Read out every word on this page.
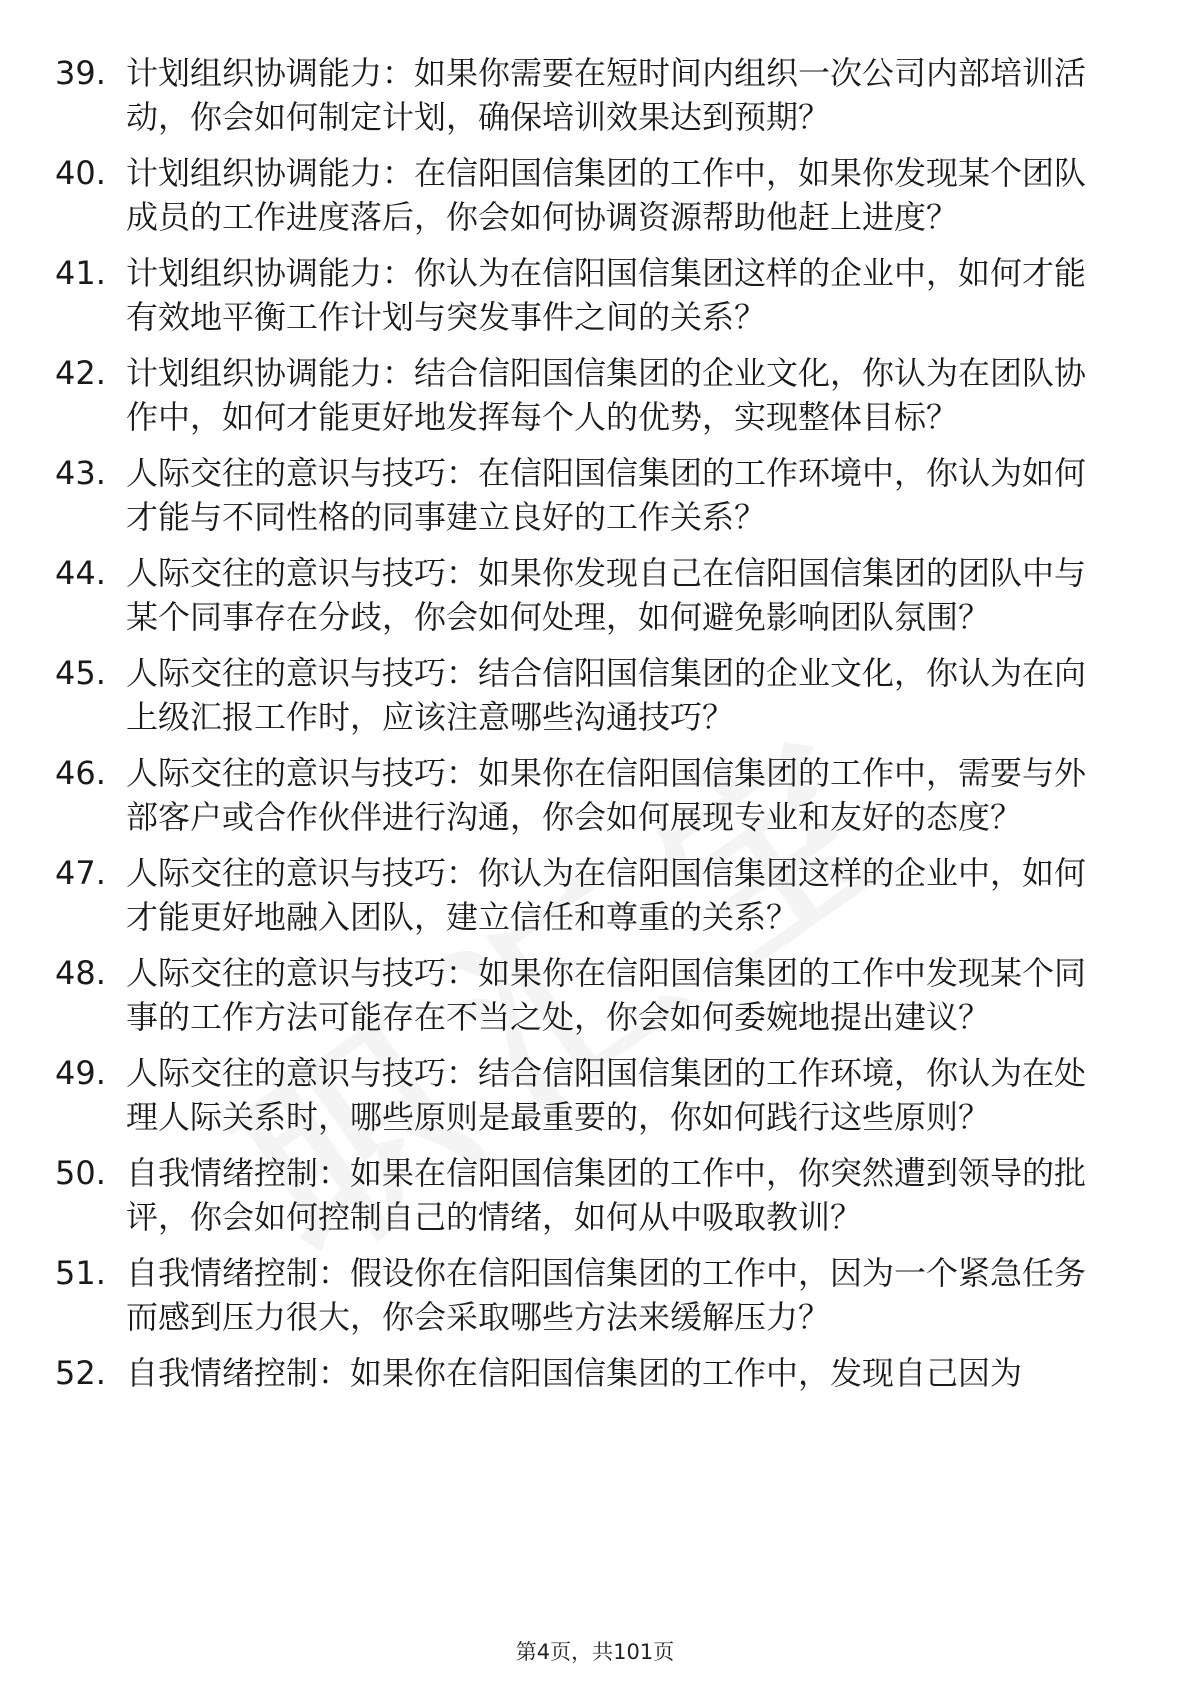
39. 计划组织协调能力：如果你需要在短时间内组织一次公司内部培训活动，你会如何制定计划，确保培训效果达到预期？
40. 计划组织协调能力：在信阳国信集团的工作中，如果你发现某个团队成员的工作进度落后，你会如何协调资源帮助他赶上进度？
41. 计划组织协调能力：你认为在信阳国信集团这样的企业中，如何才能有效地平衡工作计划与突发事件之间的关系？
42. 计划组织协调能力：结合信阳国信集团的企业文化，你认为在团队协作中，如何才能更好地发挥每个人的优势，实现整体目标？
43. 人际交往的意识与技巧：在信阳国信集团的工作环境中，你认为如何才能与不同性格的同事建立良好的工作关系？
44. 人际交往的意识与技巧：如果你发现自己在信阳国信集团的团队中与某个同事存在分歧，你会如何处理，如何避免影响团队氛围？
45. 人际交往的意识与技巧：结合信阳国信集团的企业文化，你认为在向上级汇报工作时，应该注意哪些沟通技巧？
46. 人际交往的意识与技巧：如果你在信阳国信集团的工作中，需要与外部客户或合作伙伴进行沟通，你会如何展现专业和友好的态度？
47. 人际交往的意识与技巧：你认为在信阳国信集团这样的企业中，如何才能更好地融入团队，建立信任和尊重的关系？
48. 人际交往的意识与技巧：如果你在信阳国信集团的工作中发现某个同事的工作方法可能存在不当之处，你会如何委婉地提出建议？
49. 人际交往的意识与技巧：结合信阳国信集团的工作环境，你认为在处理人际关系时，哪些原则是最重要的，你如何践行这些原则？
50. 自我情绪控制：如果在信阳国信集团的工作中，你突然遭到领导的批评，你会如何控制自己的情绪，如何从中吸取教训？
51. 自我情绪控制：假设你在信阳国信集团的工作中，因为一个紧急任务而感到压力很大，你会采取哪些方法来缓解压力？
52. 自我情绪控制：如果你在信阳国信集团的工作中，发现自己因为
第4页，共101页
